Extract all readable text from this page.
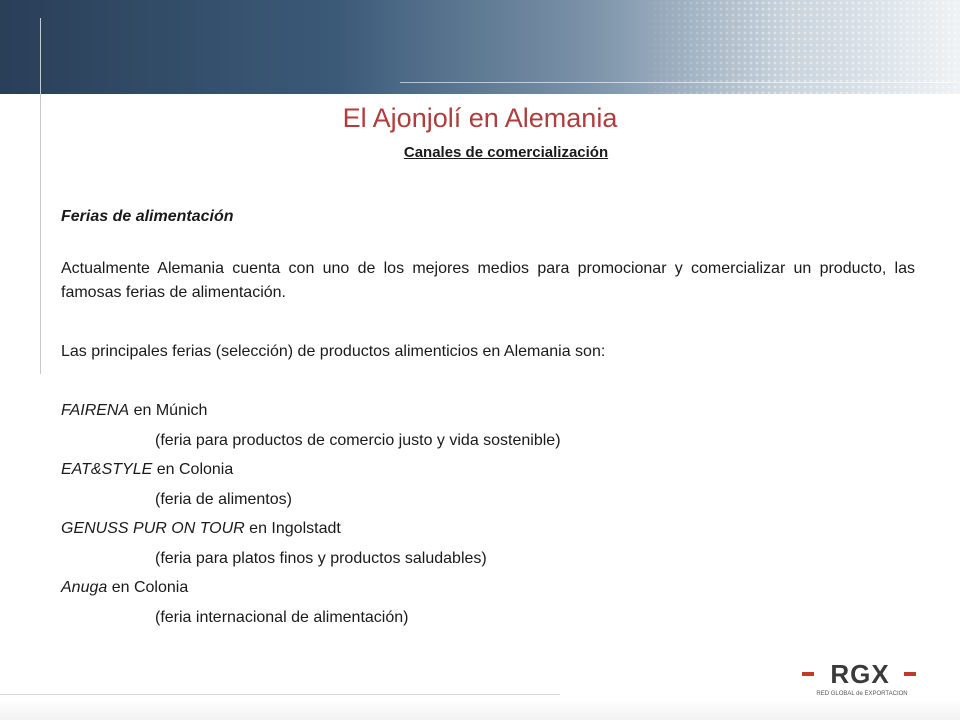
El Ajonjolí en Alemania
Canales de comercialización

Ferias de alimentación

Actualmente Alemania cuenta con uno de los mejores medios para promocionar y comercializar un producto, las famosas ferias de alimentación.

Las principales ferias (selección) de productos alimenticios en Alemania son:

FAIRENA en Múnich
(feria para productos de comercio justo y vida sostenible)
EAT&STYLE en Colonia
(feria de alimentos)
GENUSS PUR ON TOUR en Ingolstadt
(feria para platos finos y productos saludables)
Anuga en Colonia
(feria internacional de alimentación)
RGX
RED GLOBAL de EXPORTACION
